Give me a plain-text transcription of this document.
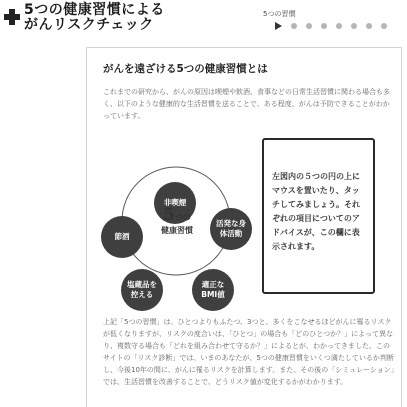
5つの健康習慣による
がんリスクチェック
5つの習慣
がんを遠ざける5つの健康習慣とは
これまでの研究から、がんの原因は喫煙や飲酒、食事などの日常生活習慣に関わる場合も多く、以下のような健康的な生活習慣を送ることで、ある程度、がんは予防できることがわかっています。
非喫煙
活発な身体活動
適正なBMI値
塩蔵品を控える
節酒
5つの
健康習慣
左図内の５つの円の上にマウスを置いたり、タッチしてみましょう。それぞれの項目についてのアドバイスが、この欄に表示されます。
上記「5つの習慣」は、ひとつよりもふたつ、3つと、多くをこなせるほどがんに罹るリスクが低くなりますが、リスクの度合いは、「ひとつ」の場合も「どのひとつか？」によって異なり、複数守る場合も「どれを組み合わせて守るか？」によるとが、わかってきました。このサイトの「リスク診断」では、いまのあなたが、5つの健康習慣をいくつ満たしているか判断し、今後10年の間に、がんに罹るリスクを計算します。また、その後の「シミュレーション」では、生活習慣を改善することで、どうリスク値が変化するかがわかります。
